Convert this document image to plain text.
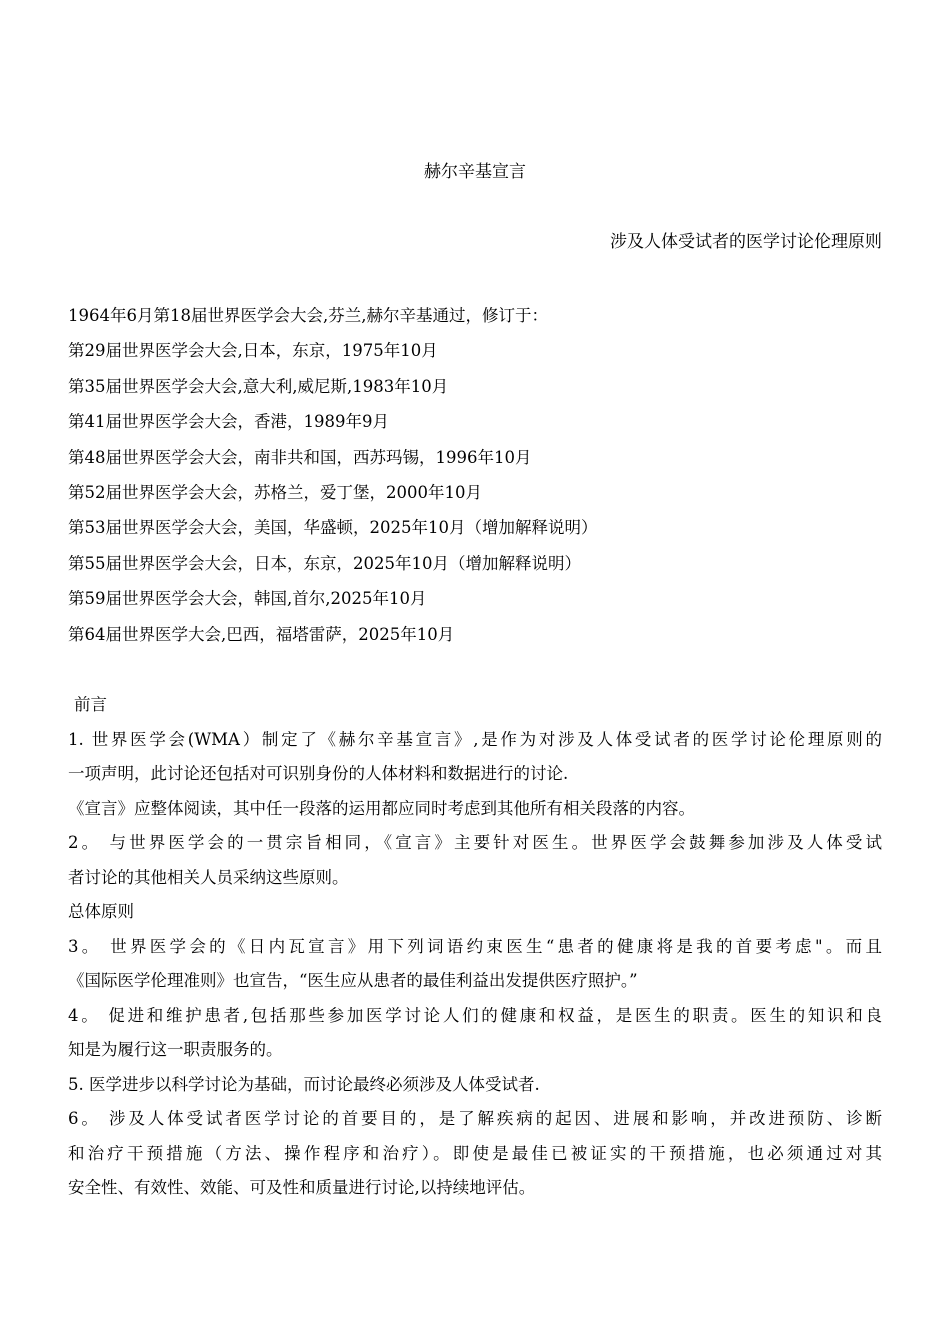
赫尔辛基宣言
涉及人体受试者的医学讨论伦理原则
1964年6月第18届世界医学会大会,芬兰,赫尔辛基通过，修订于：
第29届世界医学会大会,日本，东京，1975年10月
第35届世界医学会大会,意大利,威尼斯,1983年10月
第41届世界医学会大会，香港，1989年9月
第48届世界医学会大会，南非共和国，西苏玛锡，1996年10月
第52届世界医学会大会，苏格兰，爱丁堡，2000年10月
第53届世界医学会大会，美国，华盛顿，2025年10月（增加解释说明）
第55届世界医学会大会，日本，东京，2025年10月（增加解释说明）
第59届世界医学会大会，韩国,首尔,2025年10月
第64届世界医学大会,巴西，福塔雷萨，2025年10月
前言
1. 世界医学会(WMA）制定了《赫尔辛基宣言》,是作为对涉及人体受试者的医学讨论伦理原则的
一项声明，此讨论还包括对可识别身份的人体材料和数据进行的讨论.
《宣言》应整体阅读，其中任一段落的运用都应同时考虑到其他所有相关段落的内容。
2。 与世界医学会的一贯宗旨相同，《宣言》主要针对医生。世界医学会鼓舞参加涉及人体受试
者讨论的其他相关人员采纳这些原则。
总体原则
3。 世界医学会的《日内瓦宣言》用下列词语约束医生“患者的健康将是我的首要考虑"。而且
《国际医学伦理准则》也宣告，“医生应从患者的最佳利益出发提供医疗照护。”
4。 促进和维护患者,包括那些参加医学讨论人们的健康和权益，是医生的职责。医生的知识和良
知是为履行这一职责服务的。
5. 医学进步以科学讨论为基础，而讨论最终必须涉及人体受试者.
6。 涉及人体受试者医学讨论的首要目的，是了解疾病的起因、进展和影响，并改进预防、诊断
和治疗干预措施（方法、操作程序和治疗）。即使是最佳已被证实的干预措施，也必须通过对其
安全性、有效性、效能、可及性和质量进行讨论,以持续地评估。
